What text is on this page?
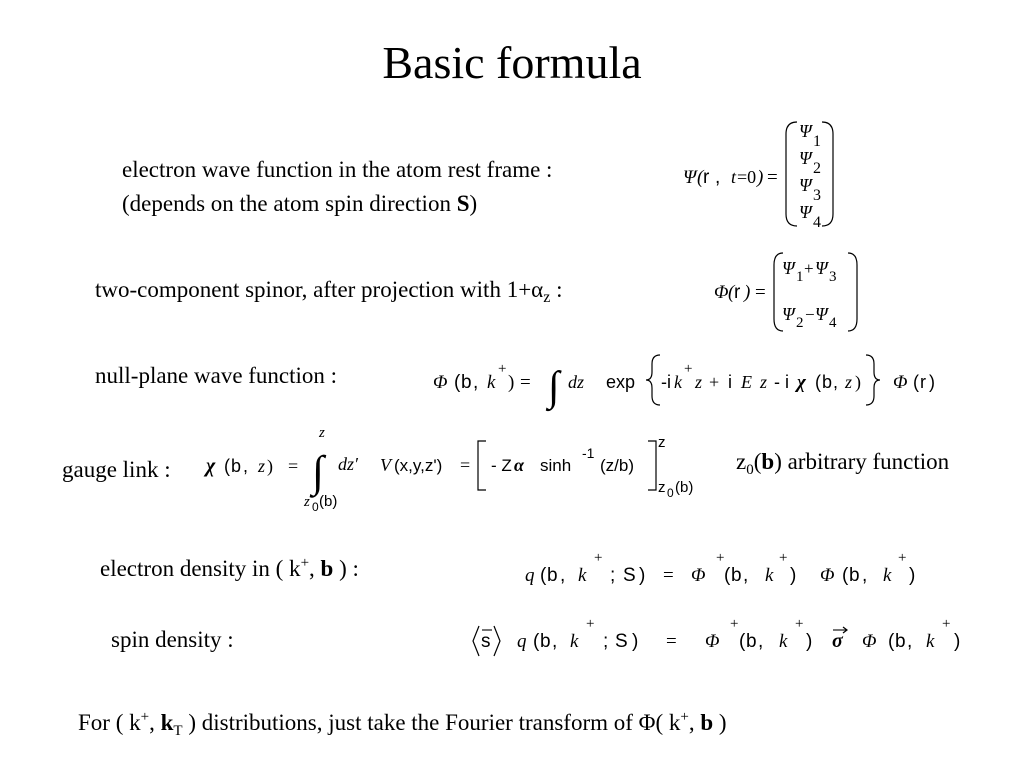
Basic formula
electron wave function in the atom rest frame :
(depends on the atom spin direction S)
Ψ ( r , t =0 ) =
Ψ
1
Ψ
2
Ψ
3
Ψ
4
two-component spinor, after projection with $1+\alpha_z$ :	Φ ( r ) =
Ψ 1 + Ψ 3
Ψ 2 − Ψ 4
null-plane wave function :	Φ ( b , k
+
) = ∫ dz exp -i k
+
z + i E z - i χ ( b , z ) Φ ( r )
gauge link : χ ( b , z ) =
z
∫
z 0 (b)
dz′ V (x,y,z') = - Z α sinh
-1
(z/b)
z
z 0 (b)
$z_0(b)$ arbitrary function
electron density in ( k+, b ) :	q ( b , k
+
; S ) = Φ
+
( b , k
+
) Φ ( b , k
+
)
spin density :	s q ( b , k
+
; S ) = Φ
+
( b , k
+
) σ Φ ( b , k
+
)
For ( k+, $k_T$ ) distributions, just take the Fourier transform of Φ( k+, b )
